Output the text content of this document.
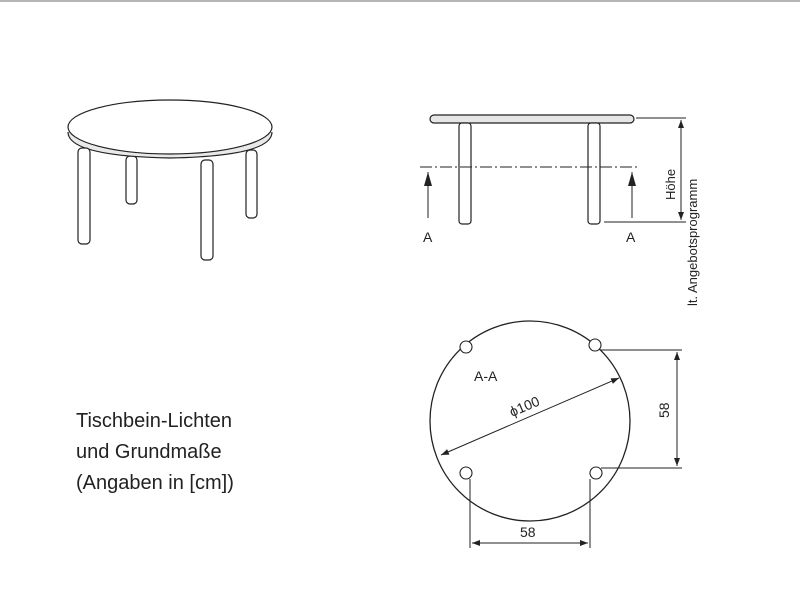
A	A
Höhe lt. Angebotsprogramm
ϕ100
A-A
58
58
Tischbein-Lichten
und Grundmaße
(Angaben in [cm])
